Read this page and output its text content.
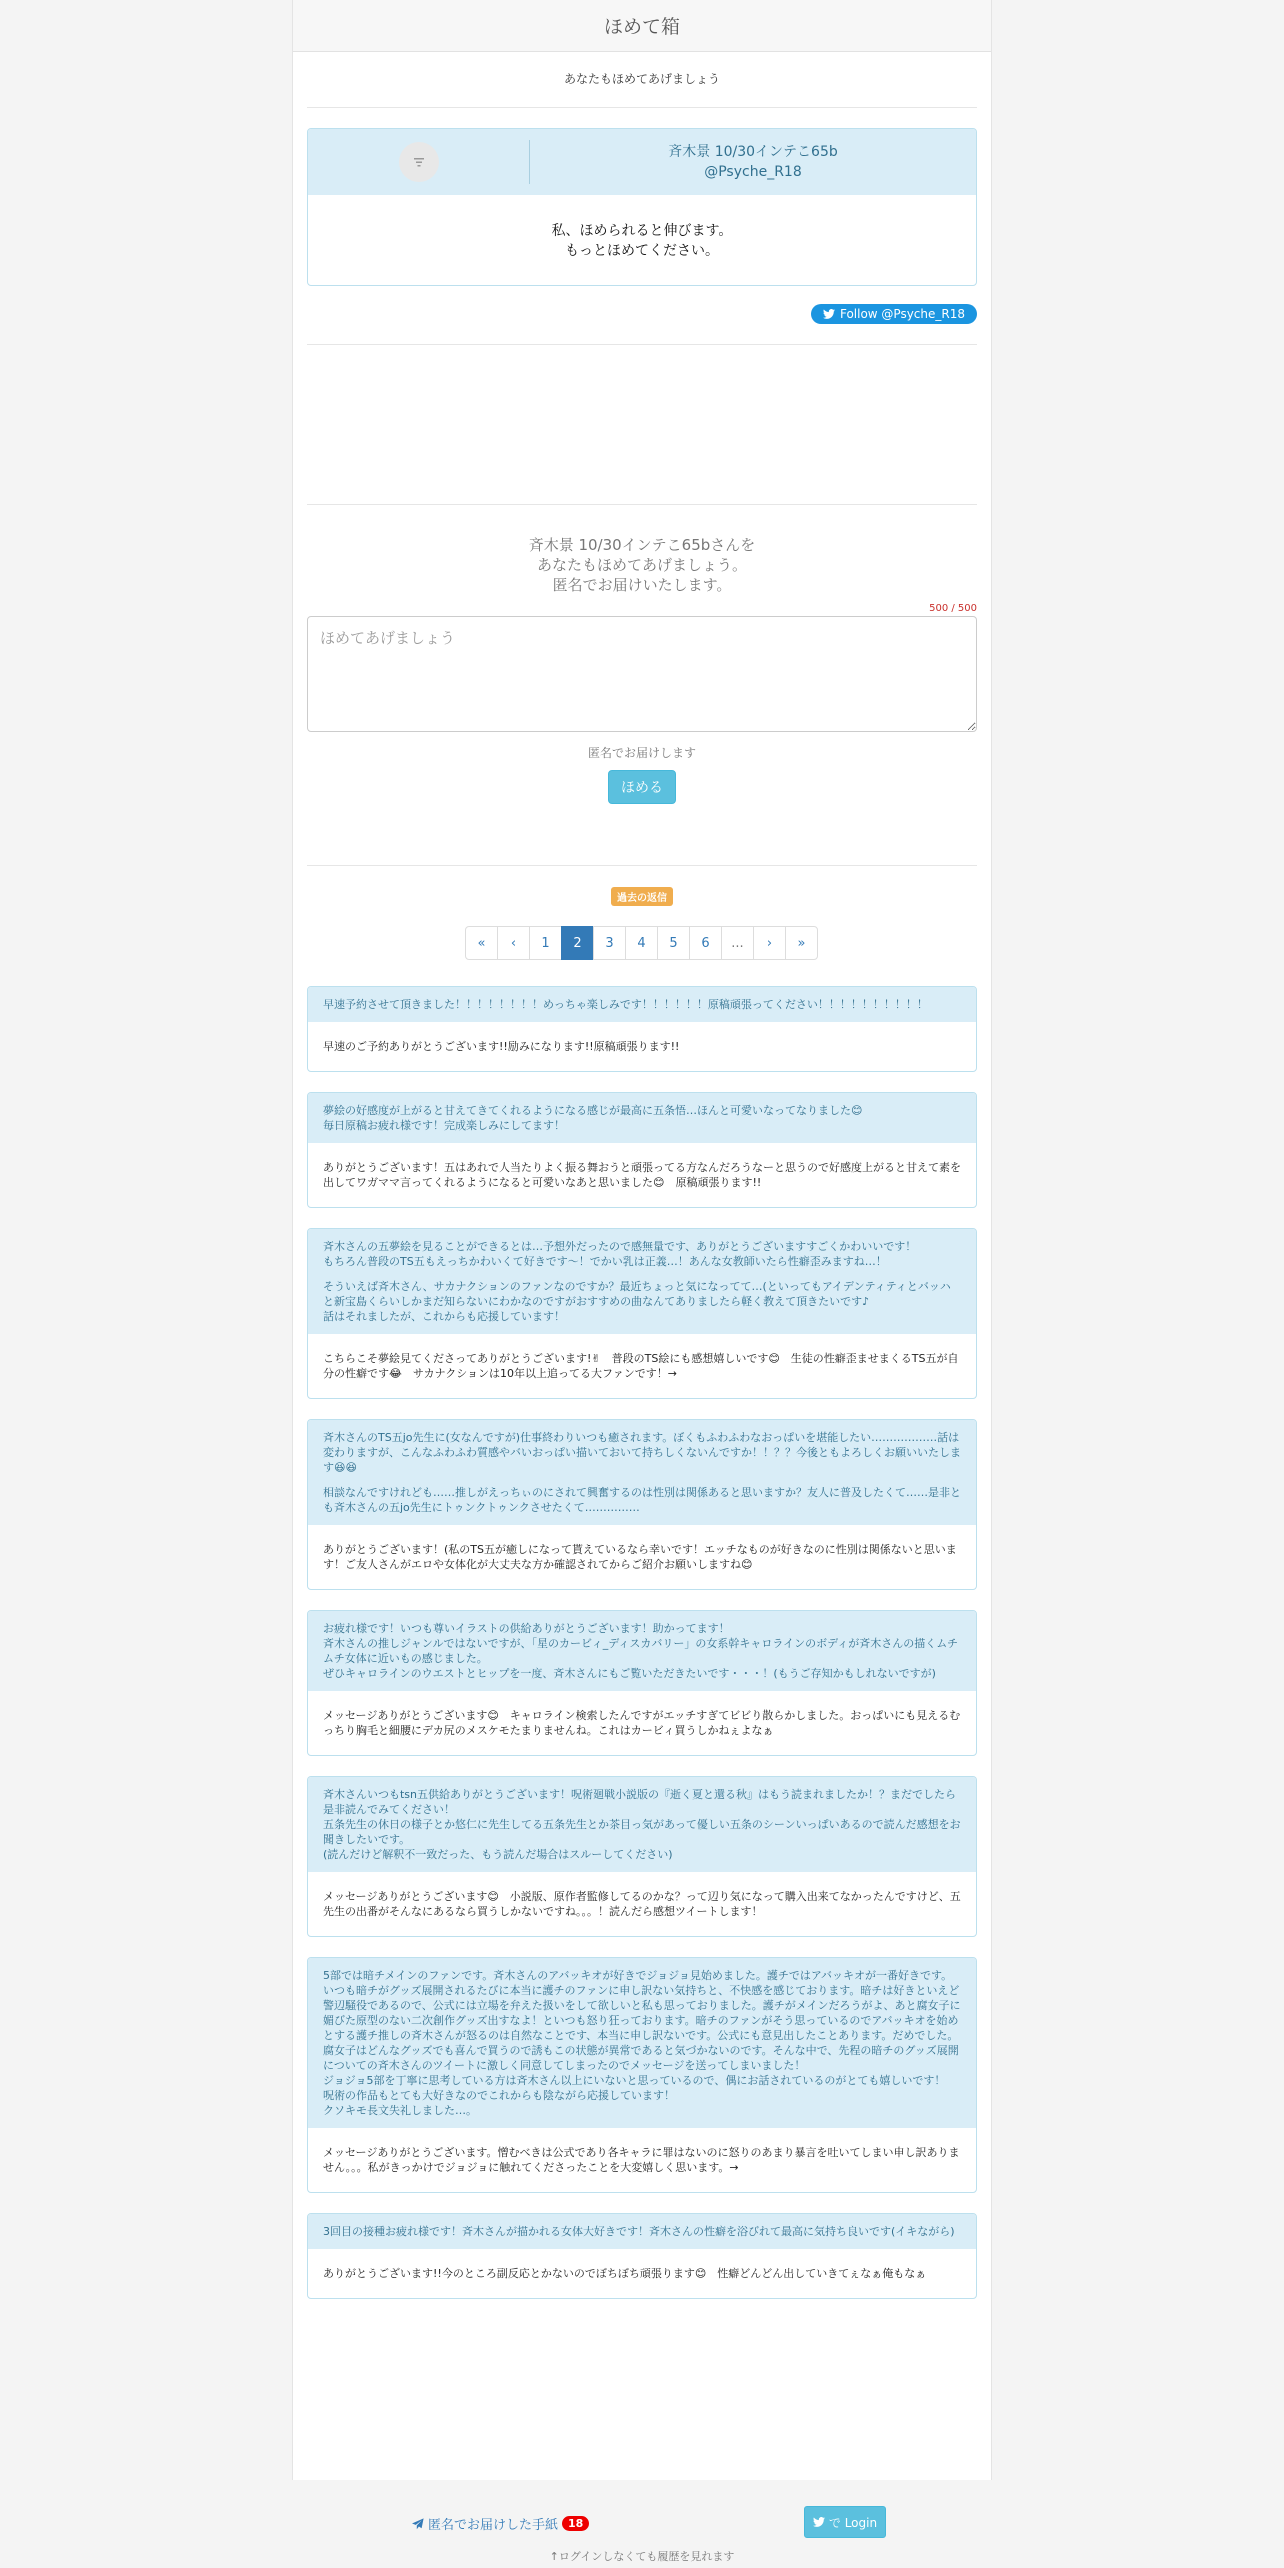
ほめて箱
あなたもほめてあげましょう
斉木景 10/30インテこ65b
@Psyche_R18
私、ほめられると伸びます。
もっとほめてください。
Follow @Psyche_R18
斉木景 10/30インテこ65bさんを
あなたもほめてあげましょう。
匿名でお届けいたします。
500 / 500
ほめてあげましょう
匿名でお届けします
ほめる
過去の返信
«	‹	1	2	3	4	5	6	...	›	»

早速予約させて頂きました！！！！！！！！めっちゃ楽しみです！！！！！！原稿頑張ってください！！！！！！！！！！

早速のご予約ありがとうございます!!励みになります!!原稿頑張ります!!

夢絵の好感度が上がると甘えてきてくれるようになる感じが最高に五条悟…ほんと可愛いなってなりました😊
毎日原稿お疲れ様です！完成楽しみにしてます！

ありがとうございます！五はあれで人当たりよく振る舞おうと頑張ってる方なんだろうなーと思うので好感度上がると甘えて素を出してワガママ言ってくれるようになると可愛いなあと思いました😊　原稿頑張ります!!

斉木さんの五夢絵を見ることができるとは…予想外だったので感無量です、ありがとうございますすごくかわいいです！
もちろん普段のTS五もえっちかわいくて好きです～！でかい乳は正義…！あんな女教師いたら性癖歪みますね…！

そういえば斉木さん、サカナクションのファンなのですか？最近ちょっと気になってて…(といってもアイデンティティとバッハと新宝島くらいしかまだ知らないにわかなのですがおすすめの曲なんてありましたら軽く教えて頂きたいです♪
話はそれましたが、これからも応援しています！

こちらこそ夢絵見てくださってありがとうございます!✌　普段のTS絵にも感想嬉しいです😊　生徒の性癖歪ませまくるTS五が自分の性癖です😂　サカナクションは10年以上追ってる大ファンです！→

斉木さんのTS五jo先生に(女なんですが)仕事終わりいつも癒されます。ぼくもふわふわなおっぱいを堪能したい………………話は変わりますが、こんなふわふわ質感やバいおっぱい描いておいて持ちしくないんですか！！？？今後ともよろしくお願いいたします😆😆

相談なんですけれども……推しがえっちぃのにされて興奮するのは性別は関係あると思いますか？友人に普及したくて……是非とも斉木さんの五jo先生にトゥンクトゥンクさせたくて……………

ありがとうございます！(私のTS五が癒しになって貰えているなら幸いです！エッチなものが好きなのに性別は関係ないと思います！ご友人さんがエロや女体化が大丈夫な方か確認されてからご紹介お願いしますね😊

お疲れ様です！いつも尊いイラストの供給ありがとうございます！助かってます！
斉木さんの推しジャンルではないですが、「星のカービィ_ディスカバリー」の女系幹キャロラインのボディが斉木さんの描くムチムチ女体に近いもの感じました。
ぜひキャロラインのウエストとヒップを一度、斉木さんにもご覧いただきたいです・・・！(もうご存知かもしれないですが)

メッセージありがとうございます😊　キャロライン検索したんですがエッチすぎてビビり散らかしました。おっぱいにも見えるむっちり胸毛と細腰にデカ尻のメスケモたまりませんね。これはカービィ買うしかねぇよなぁ

斉木さんいつもtsn五供給ありがとうございます！呪術廻戦小説版の『逝く夏と還る秋』はもう読まれましたか！？まだでしたら是非読んでみてください！
五条先生の休日の様子とか悠仁に先生してる五条先生とか茶目っ気があって優しい五条のシーンいっぱいあるので読んだ感想をお聞きしたいです。
(読んだけど解釈不一致だった、もう読んだ場合はスルーしてください)

メッセージありがとうございます😊　小説版、原作者監修してるのかな？って辺り気になって購入出来てなかったんですけど、五先生の出番がそんなにあるなら買うしかないですね。。。！読んだら感想ツイートします！

5部では暗チメインのファンです。斉木さんのアバッキオが好きでジョジョ見始めました。護チではアバッキオが一番好きです。
いつも暗チがグッズ展開されるたびに本当に護チのファンに申し訳ない気持ちと、不快感を感じております。暗チは好きといえど警辺騒役であるので、公式には立場を弁えた扱いをして欲しいと私も思っておりました。護チがメインだろうがよ、あと腐女子に媚びた原型のない二次創作グッズ出すなよ！といつも怒り狂っております。暗チのファンがそう思っているのでアバッキオを始めとする護チ推しの斉木さんが怒るのは自然なことです、本当に申し訳ないです。公式にも意見出したことあります。だめでした。
腐女子はどんなグッズでも喜んで買うので誘もこの状態が異常であると気づかないのです。そんな中で、先程の暗チのグッズ展開についての斉木さんのツイートに激しく同意してしまったのでメッセージを送ってしまいました！
ジョジョ5部を丁寧に思考している方は斉木さん以上にいないと思っているので、偶にお話されているのがとても嬉しいです！
呪術の作品もとても大好きなのでこれからも陰ながら応援しています！
クソキモ長文失礼しました…。

メッセージありがとうございます。憎むべきは公式であり各キャラに罪はないのに怒りのあまり暴言を吐いてしまい申し訳ありません。。。私がきっかけでジョジョに触れてくださったことを大変嬉しく思います。→

3回目の接種お疲れ様です！斉木さんが描かれる女体大好きです！斉木さんの性癖を浴びれて最高に気持ち良いです(イキながら)

ありがとうございます!!今のところ副反応とかないのでぼちぼち頑張ります😊　性癖どんどん出していきてぇなぁ俺もなぁ
匿名でお届けした手紙 18	で Login
↑ログインしなくても履歴を見れます
